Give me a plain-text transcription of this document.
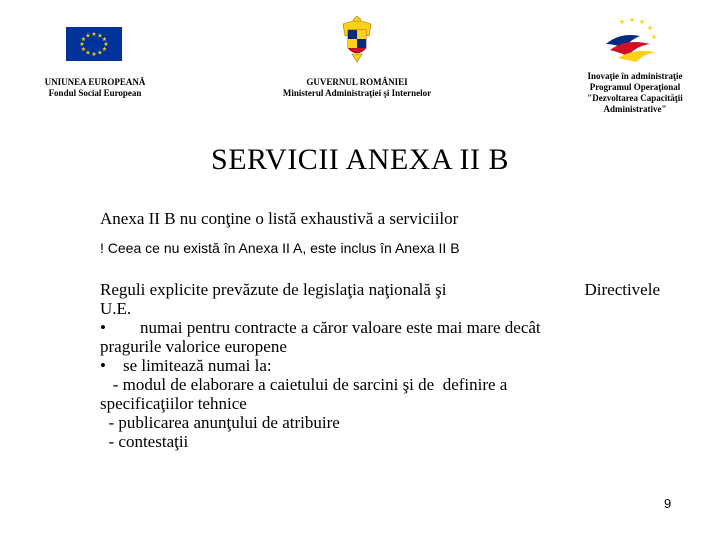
★ ★
★
★
★
★
★
★
★
★
★
★
UNIUNEA EUROPEANĂ
Fondul Social European
GUVERNUL ROMÂNIEI
Ministerul Administraţiei şi Internelor
★ ★ ★
★
★
Inovaţie în administraţie
Programul Operaţional
"Dezvoltarea Capacităţii
Administrative"
SERVICII ANEXA II B
Anexa II B nu conţine o listă exhaustivă a serviciilor
! Ceea ce nu există în Anexa II A, este inclus în Anexa II B
Reguli explicite prevăzute de legislaţia naţională şi	Directivele
U.E.
•        numai pentru contracte a căror valoare este mai mare decât
pragurile valorice europene
•    se limitează numai la:
- modul de elaborare a caietului de sarcini şi de  definire a
specificaţiilor tehnice
- publicarea anunţului de atribuire
- contestaţii
9
